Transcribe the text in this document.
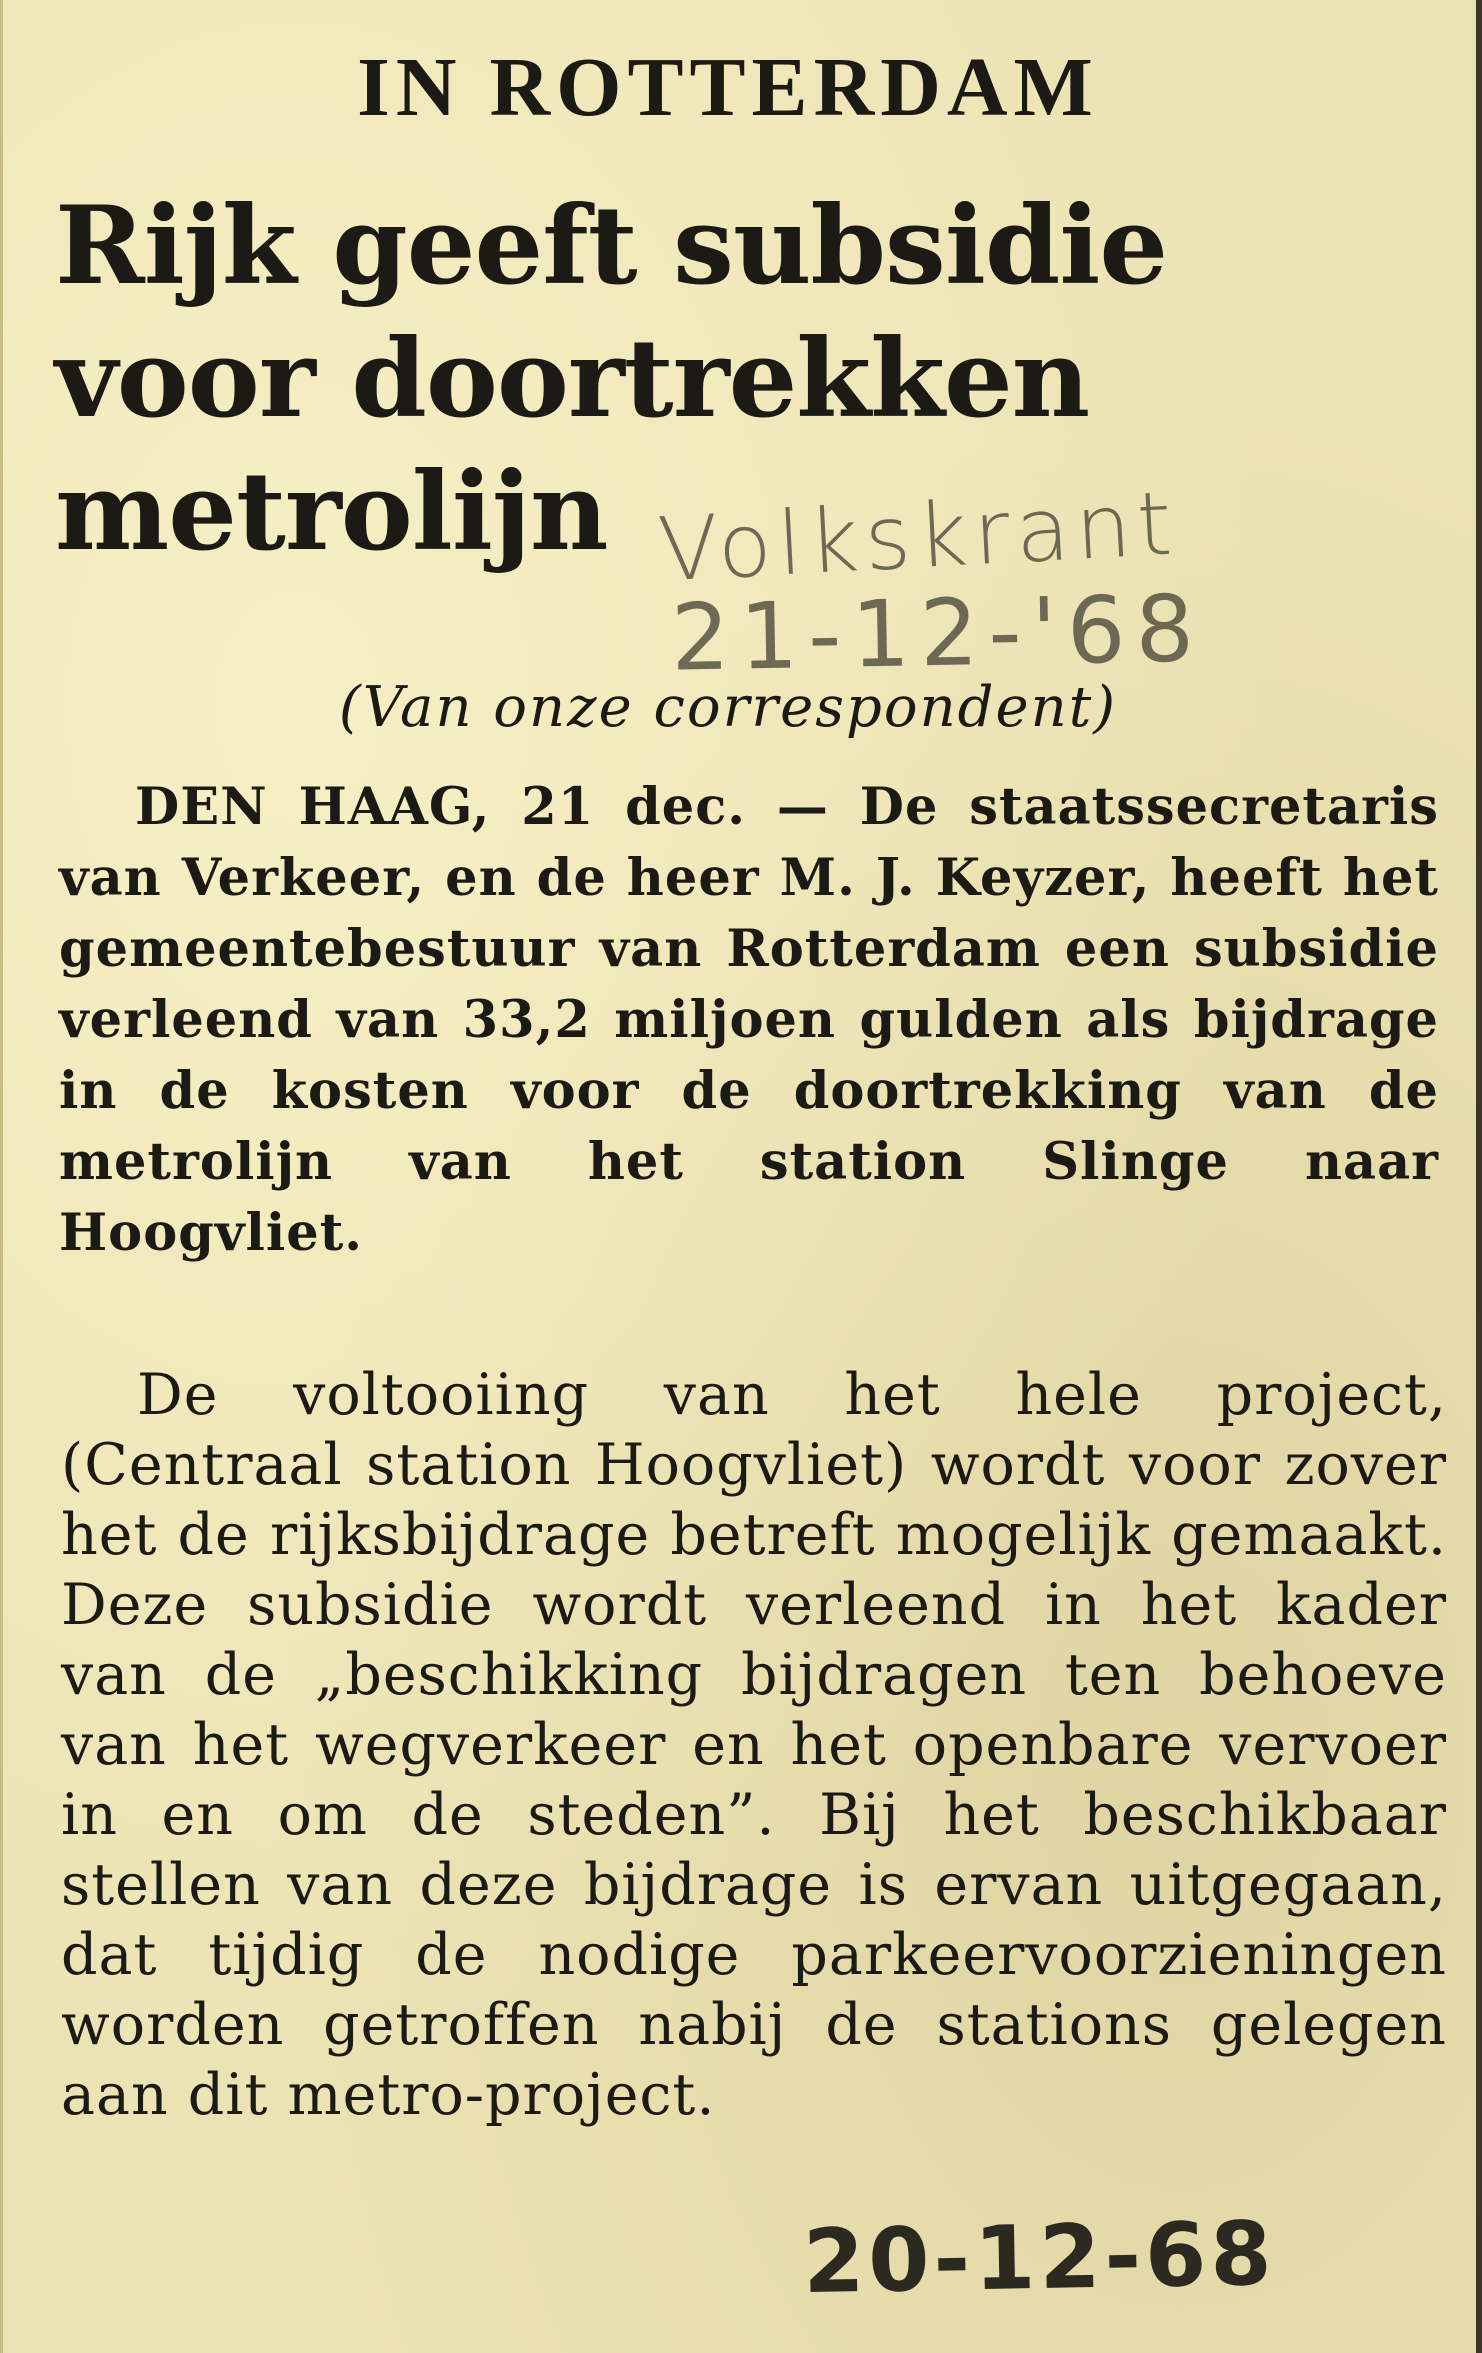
IN ROTTERDAM
Rijk geeft subsidie
voor doortrekken
metrolijn Volkskrant

21-12-'68

(Van onze correspondent)

DEN HAAG, 21 dec. — De staatssecretaris van Verkeer, en de heer M. J. Keyzer, heeft het gemeentebestuur van Rotterdam een subsidie verleend van 33,2 miljoen gulden als bijdrage in de kosten voor de doortrekking van de metrolijn van het station Slinge naar Hoogvliet.

De voltooiing van het hele project, (Centraal station Hoogvliet) wordt voor zover het de rijksbijdrage betreft mogelijk gemaakt. Deze subsidie wordt verleend in het kader van de „beschikking bijdragen ten behoeve van het wegverkeer en het openbare vervoer in en om de steden”. Bij het beschikbaar stellen van deze bijdrage is ervan uitgegaan, dat tijdig de nodige parkeervoorzieningen worden getroffen nabij de stations gelegen aan dit metro-project.

20-12-68
